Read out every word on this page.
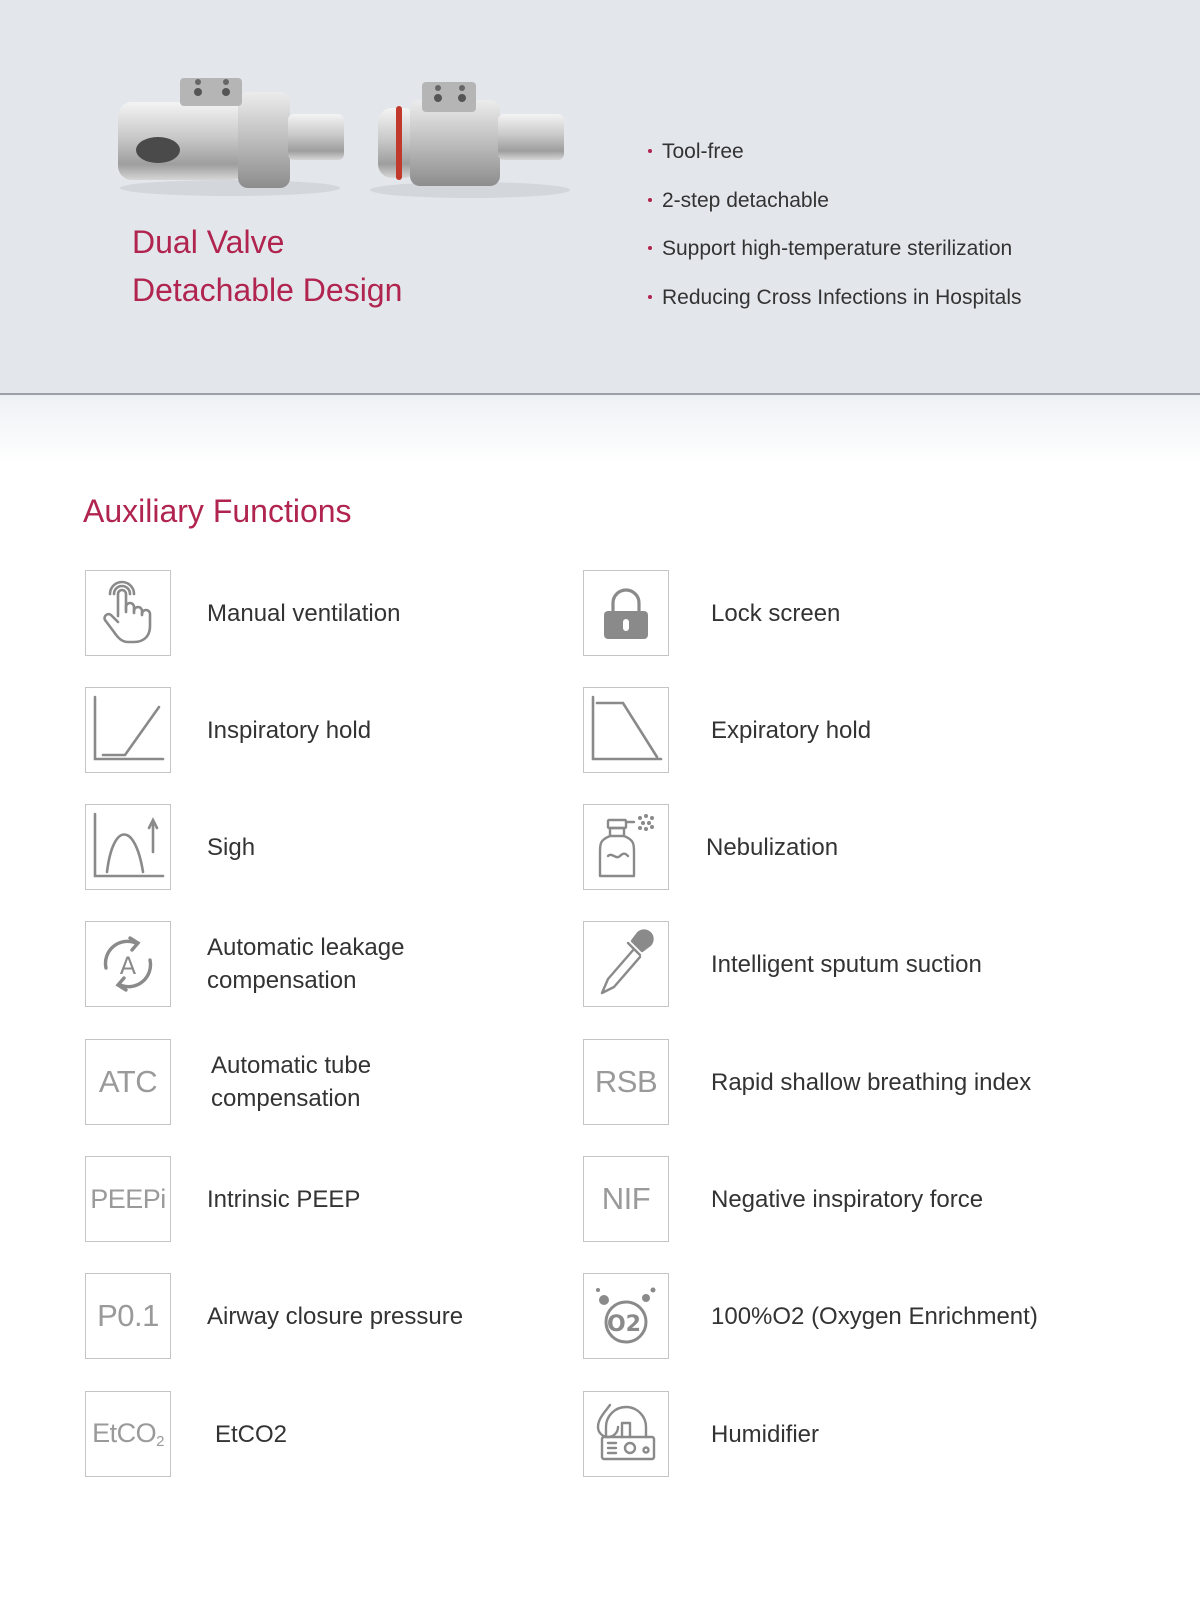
Dual Valve
Detachable Design
Tool-free
2-step detachable
Support high-temperature sterilization
Reducing Cross Infections in Hospitals
Auxiliary Functions
Manual ventilation
Inspiratory hold
Sigh
A
Automatic leakage
compensation
ATC Automatic tube
compensation
PEEPi Intrinsic PEEP
P0.1 Airway closure pressure
EtCO$_2$ EtCO2
Lock screen
Expiratory hold
Nebulization
Intelligent sputum suction
RSB Rapid shallow breathing index
NIF	Negative inspiratory force
O2	100%O2 (Oxygen Enrichment)
Humidifier
